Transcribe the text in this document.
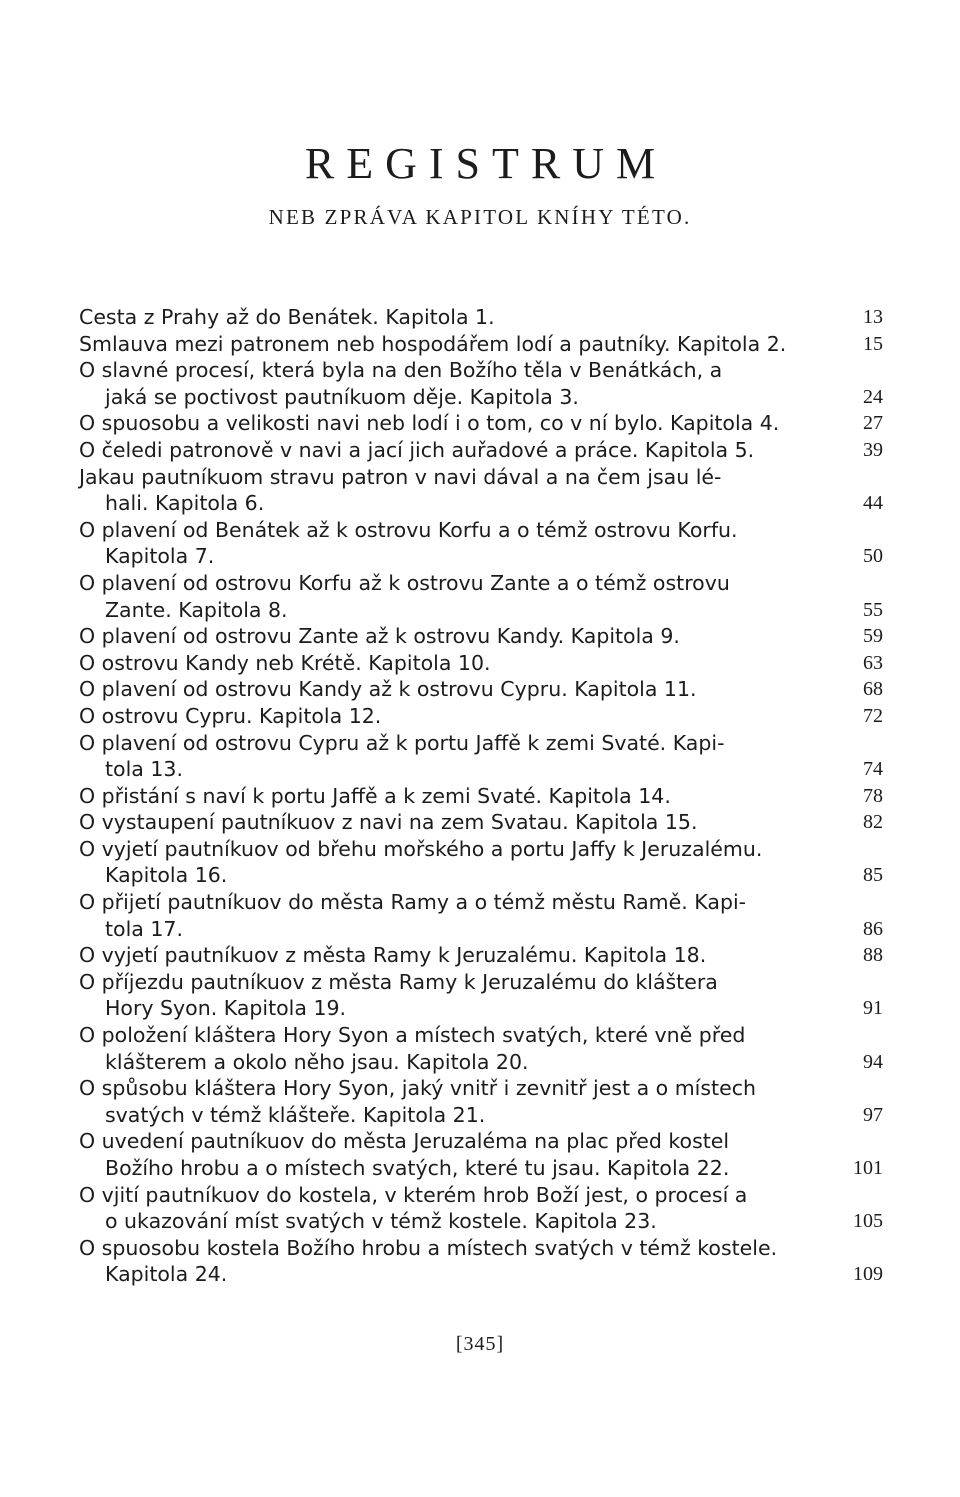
REGISTRUM
NEB ZPRÁVA KAPITOL KNÍHY TÉTO.
Cesta z Prahy až do Benátek. Kapitola 1.	13
Smlauva mezi patronem neb hospodářem lodí a pautníky. Kapitola 2.	15
O slavné procesí, která byla na den Božího těla v Benátkách, a
jaká se poctivost pautníkuom děje. Kapitola 3.	24
O spuosobu a velikosti navi neb lodí i o tom, co v ní bylo. Kapitola 4.	27
O čeledi patronově v navi a jací jich auřadové a práce. Kapitola 5.	39
Jakau pautníkuom stravu patron v navi dával a na čem jsau lé-
hali. Kapitola 6.	44
O plavení od Benátek až k ostrovu Korfu a o témž ostrovu Korfu.
Kapitola 7.	50
O plavení od ostrovu Korfu až k ostrovu Zante a o témž ostrovu
Zante. Kapitola 8.	55
O plavení od ostrovu Zante až k ostrovu Kandy. Kapitola 9.	59
O ostrovu Kandy neb Krétě. Kapitola 10.	63
O plavení od ostrovu Kandy až k ostrovu Cypru. Kapitola 11.	68
O ostrovu Cypru. Kapitola 12.	72
O plavení od ostrovu Cypru až k portu Jaffě k zemi Svaté. Kapi-
tola 13.	74
O přistání s naví k portu Jaffě a k zemi Svaté. Kapitola 14.	78
O vystaupení pautníkuov z navi na zem Svatau. Kapitola 15.	82
O vyjetí pautníkuov od břehu mořského a portu Jaffy k Jeruzalému.
Kapitola 16.	85
O přijetí pautníkuov do města Ramy a o témž městu Ramě. Kapi-
tola 17.	86
O vyjetí pautníkuov z města Ramy k Jeruzalému. Kapitola 18.	88
O příjezdu pautníkuov z města Ramy k Jeruzalému do kláštera
Hory Syon. Kapitola 19.	91
O položení kláštera Hory Syon a místech svatých, které vně před
klášterem a okolo něho jsau. Kapitola 20.	94
O spůsobu kláštera Hory Syon, jaký vnitř i zevnitř jest a o místech
svatých v témž klášteře. Kapitola 21.	97
O uvedení pautníkuov do města Jeruzaléma na plac před kostel
Božího hrobu a o místech svatých, které tu jsau. Kapitola 22.	101
O vjití pautníkuov do kostela, v kterém hrob Boží jest, o procesí a
o ukazování míst svatých v témž kostele. Kapitola 23.	105
O spuosobu kostela Božího hrobu a místech svatých v témž kostele.
Kapitola 24.	109
[345]
